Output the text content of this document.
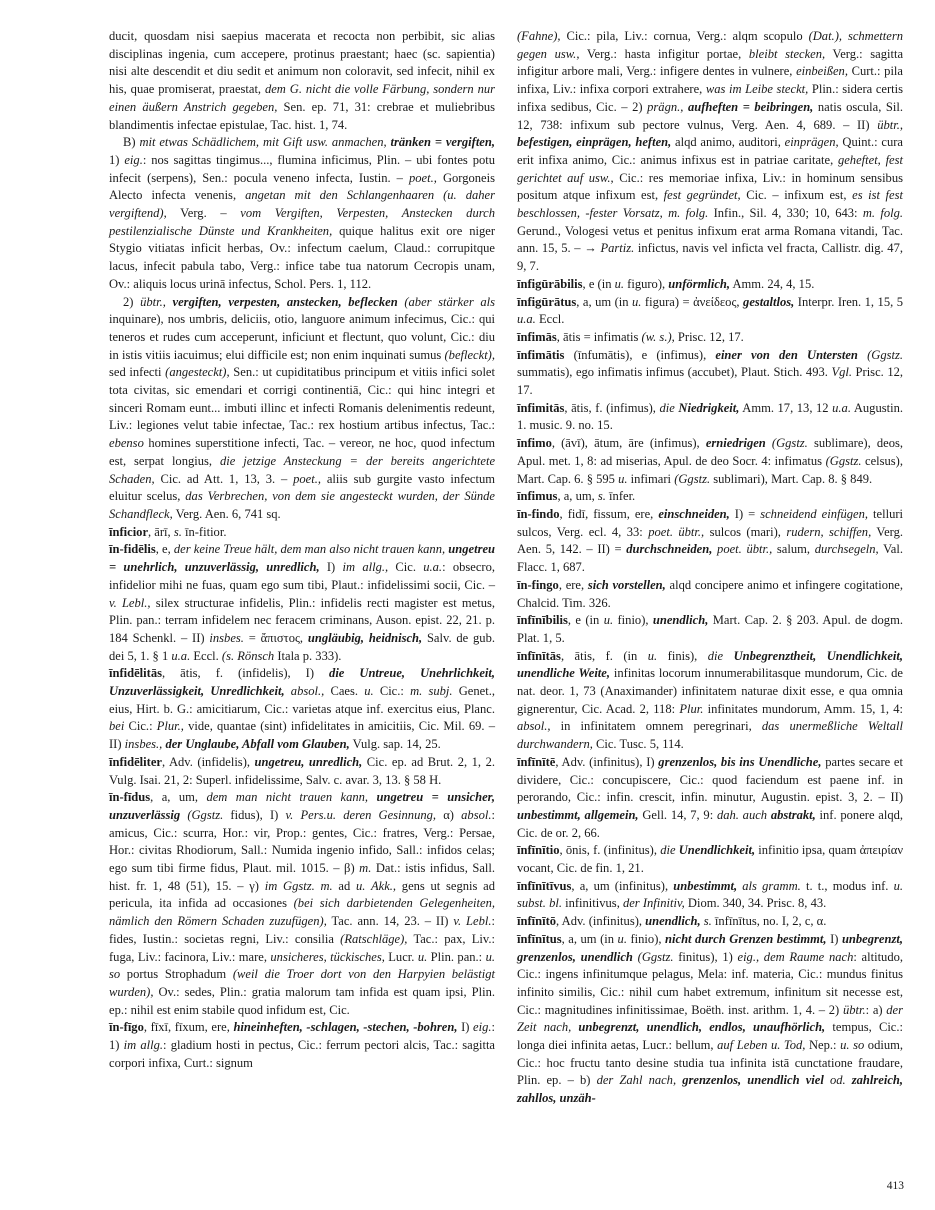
ducit, quosdam nisi saepius macerata et recocta non perbibit, sic alias disciplinas ingenia, cum accepere, protinus praestant; haec (sc. sapientia) nisi alte descendit et diu sedit et animum non coloravit, sed infecit, nihil ex his, quae promiserat, praestat, dem G. nicht die volle Färbung, sondern nur einen äußern Anstrich gegeben, Sen. ep. 71, 31: crebrae et muliebribus blandimentis infectae epistulae, Tac. hist. 1, 74.

B) mit etwas Schädlichem, mit Gift usw. anmachen, tränken = vergiften, 1) eig.: nos sagittas tingimus..., flumina inficimus, Plin. – ubi fontes potu infecit (serpens), Sen.: pocula veneno infecta, Iustin. – poet., Gorgoneis Alecto infecta venenis, angetan mit den Schlangenhaaren (u. daher vergiftend), Verg. – vom Vergiften, Verpesten, Anstecken durch pestilenzialische Dünste und Krankheiten, quique halitus exit ore niger Stygio vitiatas inficit herbas, Ov.: infectum caelum, Claud.: corrupitque lacus, infecit pabula tabo, Verg.: infice tabe tua natorum Cecropis unam, Ov.: aliquis locus urinā infectus, Schol. Pers. 1, 112.

2) übtr., vergiften, verpesten, anstecken, beflecken (aber stärker als inquinare), nos umbris, deliciis, otio, languore animum infecimus, Cic.: qui teneros et rudes cum acceperunt, inficiunt et flectunt, quo volunt, Cic.: diu in istis vitiis iacuimus; elui difficile est; non enim inquinati sumus (befleckt), sed infecti (angesteckt), Sen.: ut cupiditatibus principum et vitiis infici solet tota civitas, sic emendari et corrigi continentiā, Cic.: qui hinc integri et sinceri Romam eunt... imbuti illinc et infecti Romanis delenimentis redeunt, Liv.: legiones velut tabie infectae, Tac.: rex hostium artibus infectus, Tac.: ebenso homines superstitione infecti, Tac. – vereor, ne hoc, quod infectum est, serpat longius, die jetzige Ansteckung = der bereits angerichtete Schaden, Cic. ad Att. 1, 13, 3. – poet., aliis sub gurgite vasto infectum eluitur scelus, das Verbrechen, von dem sie angesteckt wurden, der Sünde Schandfleck, Verg. Aen. 6, 741 sq.

īnficior, ārī, s. īn-fitior.

īn-fidēlis, e, der keine Treue hält, dem man also nicht trauen kann, ungetreu = unehrlich, unzuverlässig, unredlich, I) im allg., Cic. u.a.: obsecro, infidelior mihi ne fuas, quam ego sum tibi, Plaut.: infidelissimi socii, Cic. – v. Lebl., silex structurae infidelis, Plin.: infidelis recti magister est metus, Plin. pan.: terram infidelem nec feracem criminans, Auson. epist. 22, 21. p. 184 Schenkl. – II) insbes. = ἄπιστος, ungläubig, heidnisch, Salv. de gub. dei 5, 1. § 1 u.a. Eccl. (s. Rönsch Itala p. 333).

īnfidēlitās, ātis, f. (infidelis), I) die Untreue, Unehrlichkeit, Unzuverlässigkeit, Unredlichkeit, absol., Caes. u. Cic.: m. subj. Genet., eius, Hirt. b. G.: amicitiarum, Cic.: varietas atque inf. exercitus eius, Planc. bei Cic.: Plur., vide, quantae (sint) infidelitates in amicitiis, Cic. Mil. 69. – II) insbes., der Unglaube, Abfall vom Glauben, Vulg. sap. 14, 25.

īnfidēliter, Adv. (infidelis), ungetreu, unredlich, Cic. ep. ad Brut. 2, 1, 2. Vulg. Isai. 21, 2: Superl. infidelissime, Salv. c. avar. 3, 13. § 58 H.

īn-fīdus, a, um, dem man nicht trauen kann, ungetreu = unsicher, unzuverlässig (Ggstz. fidus), I) v. Pers.u. deren Gesinnung, α) absol.: amicus, Cic.: scurra, Hor.: vir, Prop.: gentes, Cic.: fratres, Verg.: Persae, Hor.: civitas Rhodiorum, Sall.: Numida ingenio infido, Sall.: infidos celas; ego sum tibi firme fidus, Plaut. mil. 1015. – β) m. Dat.: istis infidus, Sall. hist. fr. 1, 48 (51), 15. – γ) im Ggstz. m. ad u. Akk., gens ut segnis ad pericula, ita infida ad occasiones (bei sich darbietenden Gelegenheiten, nämlich den Römern Schaden zuzufügen), Tac. ann. 14, 23. – II) v. Lebl.: fides, Iustin.: societas regni, Liv.: consilia (Ratschläge), Tac.: pax, Liv.: fuga, Liv.: facinora, Liv.: mare, unsicheres, tückisches, Lucr. u. Plin. pan.: u. so portus Strophadum (weil die Troer dort von den Harpyien belästigt wurden), Ov.: sedes, Plin.: gratia malorum tam infida est quam ipsi, Plin. ep.: nihil est enim stabile quod infidum est, Cic.

īn-fīgo, fīxī, fīxum, ere, hineinheften, -schlagen, -stechen, -bohren, I) eig.: 1) im allg.: gladium hosti in pectus, Cic.: ferrum pectori alcis, Tac.: sagitta corpori infixa, Curt.: signum

(Fahne), Cic.: pila, Liv.: cornua, Verg.: alqm scopulo (Dat.), schmettern gegen usw., Verg.: hasta infigitur portae, bleibt stecken, Verg.: sagitta infigitur arbore mali, Verg.: infigere dentes in vulnere, einbeißen, Curt.: pila infixa, Liv.: infixa corpori extrahere, was im Leibe steckt, Plin.: sidera certis infixa sedibus, Cic. – 2) prägn., aufheften = beibringen, natis oscula, Sil. 12, 738: infixum sub pectore vulnus, Verg. Aen. 4, 689. – II) übtr., befestigen, einprägen, heften, alqd animo, auditori, einprägen, Quint.: cura erit infixa animo, Cic.: animus infixus est in patriae caritate, geheftet, fest gerichtet auf usw., Cic.: res memoriae infixa, Liv.: in hominum sensibus positum atque infixum est, fest gegründet, Cic. – infixum est, es ist fest beschlossen, -fester Vorsatz, m. folg. Infin., Sil. 4, 330; 10, 643: m. folg. Gerund., Vologesi vetus et penitus infixum erat arma Romana vitandi, Tac. ann. 15, 5. – → Partiz. infictus, navis vel inficta vel fracta, Callistr. dig. 47, 9, 7.

īnfigūrābilis, e (in u. figuro), unförmlich, Amm. 24, 4, 15.

īnfigūrātus, a, um (in u. figura) = ἀνείδεος, gestaltlos, Interpr. Iren. 1, 15, 5 u.a. Eccl.

īnfimās, ātis = infimatis (w. s.), Prisc. 12, 17.

īnfimātis (īnfumātis), e (infimus), einer von den Untersten (Ggstz. summatis), ego infimatis infimus (accubet), Plaut. Stich. 493. Vgl. Prisc. 12, 17.

īnfimitās, ātis, f. (infimus), die Niedrigkeit, Amm. 17, 13, 12 u.a. Augustin. 1. music. 9. no. 15.

īnfimo, (āvī), ātum, āre (infimus), erniedrigen (Ggstz. sublimare), deos, Apul. met. 1, 8: ad miserias, Apul. de deo Socr. 4: infimatus (Ggstz. celsus), Mart. Cap. 6. § 595 u. infimari (Ggstz. sublimari), Mart. Cap. 8. § 849.

īnfimus, a, um, s. īnfer.

īn-findo, fidī, fissum, ere, einschneiden, I) = schneidend einfügen, telluri sulcos, Verg. ecl. 4, 33: poet. übtr., sulcos (mari), rudern, schiffen, Verg. Aen. 5, 142. – II) = durchschneiden, poet. übtr., salum, durchsegeln, Val. Flacc. 1, 687.

īn-fingo, ere, sich vorstellen, alqd concipere animo et infingere cogitatione, Chalcid. Tim. 326.

īnfīnībilis, e (in u. finio), unendlich, Mart. Cap. 2. § 203. Apul. de dogm. Plat. 1, 5.

īnfīnītās, ātis, f. (in u. finis), die Unbegrenztheit, Unendlichkeit, unendliche Weite, infinitas locorum innumerabilitasque mundorum, Cic. de nat. deor. 1, 73 (Anaximander) infinitatem naturae dixit esse, e qua omnia gignerentur, Cic. Acad. 2, 118: Plur. infinitates mundorum, Amm. 15, 1, 4: absol., in infinitatem omnem peregrinari, das unermeßliche Weltall durchwandern, Cic. Tusc. 5, 114.

īnfīnītē, Adv. (infinitus), I) grenzenlos, bis ins Unendliche, partes secare et dividere, Cic.: concupiscere, Cic.: quod faciendum est paene inf. in perorando, Cic.: infin. crescit, infin. minutur, Augustin. epist. 3, 2. – II) unbestimmt, allgemein, Gell. 14, 7, 9: dah. auch abstrakt, inf. ponere alqd, Cic. de or. 2, 66.

īnfīnītio, ōnis, f. (infinitus), die Unendlichkeit, infinitio ipsa, quam ἀπειρίαν vocant, Cic. de fin. 1, 21.

īnfīnītīvus, a, um (infinitus), unbestimmt, als gramm. t. t., modus inf. u. subst. bl. infinitivus, der Infinitiv, Diom. 340, 34. Prisc. 8, 43.

īnfīnītō, Adv. (infinitus), unendlich, s. īnfīnītus, no. I, 2, c, α.

īnfīnītus, a, um (in u. finio), nicht durch Grenzen bestimmt, I) unbegrenzt, grenzenlos, unendlich (Ggstz. finitus), 1) eig., dem Raume nach: altitudo, Cic.: ingens infinitumque pelagus, Mela: inf. materia, Cic.: mundus finitus infinito similis, Cic.: nihil cum habet extremum, infinitum sit necesse est, Cic.: magnitudines infinitissimae, Boëth. inst. arithm. 1, 4. – 2) übtr.: a) der Zeit nach, unbegrenzt, unendlich, endlos, unaufhörlich, tempus, Cic.: longa diei infinita aetas, Lucr.: bellum, auf Leben u. Tod, Nep.: u. so odium, Cic.: hoc fructu tanto desine studia tua infinita istā cunctatione fraudare, Plin. ep. – b) der Zahl nach, grenzenlos, unendlich viel od. zahlreich, zahllos, unzäh-

413
